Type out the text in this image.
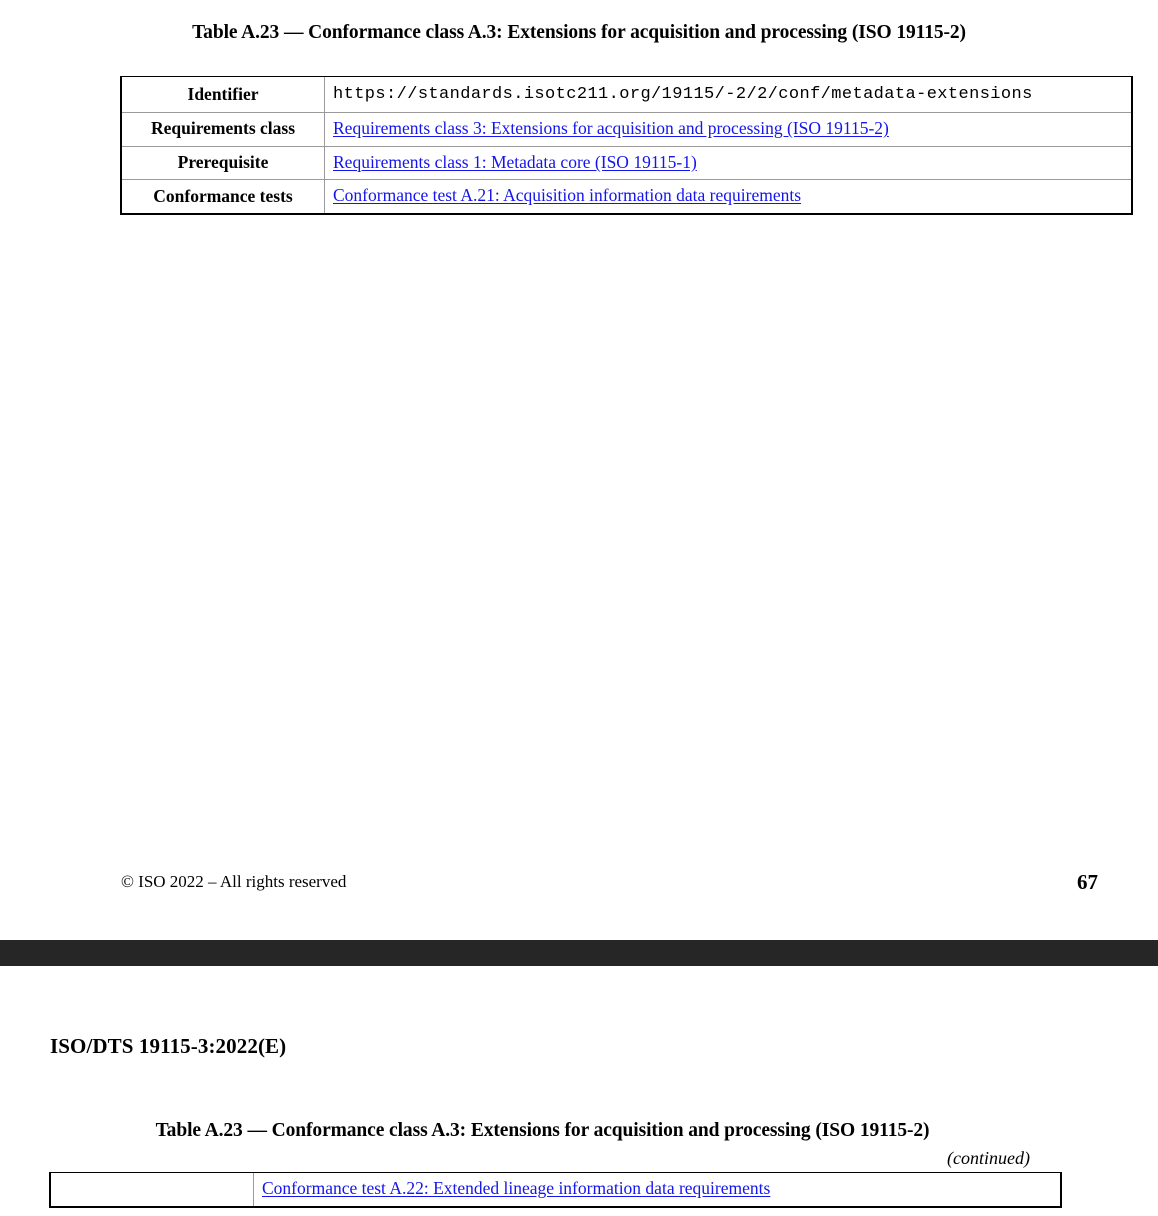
Table A.23 — Conformance class A.3: Extensions for acquisition and processing (ISO 19115-2)
Identifier	https://standards.isotc211.org/19115/-2/2/conf/metadata-extensions
Requirements class	Requirements class 3: Extensions for acquisition and processing (ISO 19115-2)
Prerequisite	Requirements class 1: Metadata core (ISO 19115-1)
Conformance tests	Conformance test A.21: Acquisition information data requirements
© ISO 2022 – All rights reserved	67
ISO/DTS 19115-3:2022(E)
Table A.23 — Conformance class A.3: Extensions for acquisition and processing (ISO 19115-2)
(continued)
	Conformance test A.22: Extended lineage information data requirements
